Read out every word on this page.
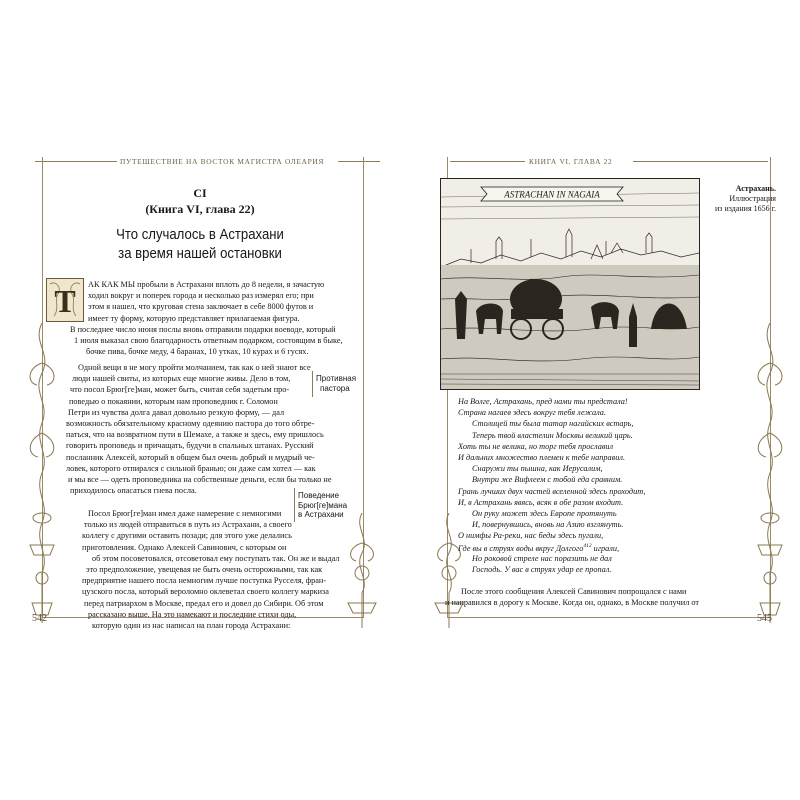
ПУТЕШЕСТВИЕ НА ВОСТОК МАГИСТРА ОЛЕАРИЯ
542
CI
(Книга VI, глава 22)
Что случалось в Астрахани
за время нашей остановки
Т АК КАК МЫ пробыли в Астрахани вплоть до 8 недели, я зачастую
ходил вокруг и поперек города и несколько раз измерял его; при
этом я нашел, что круговая стена заключает в себе 8000 футов и
имеет ту форму, которую представляет прилагаемая фигура.
В последнее число июня послы вновь отправили подарки воеводе, который
1 июля выказал свою благодарность ответным подарком, состоящим в быке,
бочке пива, бочке меду, 4 баранах, 10 утках, 10 курах и 6 гусях.
Одной вещи я не могу пройти молчанием, так как о ней знают все
люди нашей свиты, из которых еще многие живы. Дело в том,
что посол Брюг[ге]ман, может быть, считая себя задетым про-
поведью о покаянии, которым нам проповедник г. Соломон
Петри из чувства долга давал довольно резкую форму, — дал
возможность обязательному красному одеянию пастора до того обтре-
паться, что на возвратном пути в Шемахе, а также и здесь, ему пришлось
говорить проповедь и причащать, будучи в спальных штанах. Русский
посланник Алексей, который в общем был очень добрый и мудрый че-
ловек, которого отпирался с сильной бранью; он даже сам хотел — как
и мы все — одеть проповедника на собственные деньги, если бы только не
приходилось опасаться гнева посла.
Посол Брюг[ге]ман имел даже намерение с немногими
только из людей отправиться в путь из Астрахани, а своего
коллегу с другими оставить позади; для этого уже делались
приготовления. Однако Алексей Савинович, с которым он
об этом посоветовался, отсоветовал ему поступать так. Он же и выдал
это предположение, увещевая не быть очень осторожными, так как
предприятие нашего посла немногим лучше поступка Русселя, фран-
цузского посла, который вероломно оклеветал своего коллегу маркиза
перед патриархом в Москве, предал его и довел до Сибири. Об этом
рассказано выше. На это намекают и последние стихи оды,
которую один из нас написал на план города Астрахани:
Противная
пастора
Поведение
Брюг[ге]мана
в Астрахани
КНИГА VI. ГЛАВА 22
545
ASTRACHAN IN NAGAIA
Астрахань.
Иллюстрация
из издания 1656 г.
На Волге, Астрахань, пред нами ты предстала!
Страна нагаев здесь вокруг тебя лежала.
Столицей ты была татар нагайских встарь,
Теперь твой властелин Москвы великий царь.
Хоть ты не велика, но торг тебя прославил
И дальних множество племен к тебе направил.
Снаружи ты пышна, как Иерусалим,
Внутри же Вифлеем с тобой еда сравним.
Грань лучших двух частей вселенной здесь проходит,
И, в Астрахань явясь, всяк в обе разом входит.
Он руку может здесь Европе протянуть
И, повернувшись, вновь на Азию взглянуть.
О нимфы Ра-реки, нас беды здесь пугали,
Где вы в струях воды вкруг Долгого$^{412}$ играли,
Но роковой стреле нас поразить не дал
Господь. У вас в струях удар ее пропал.
После этого сообщения Алексей Савинович попрощался с нами
и направился в дорогу к Москве. Когда он, однако, в Москве получил от
